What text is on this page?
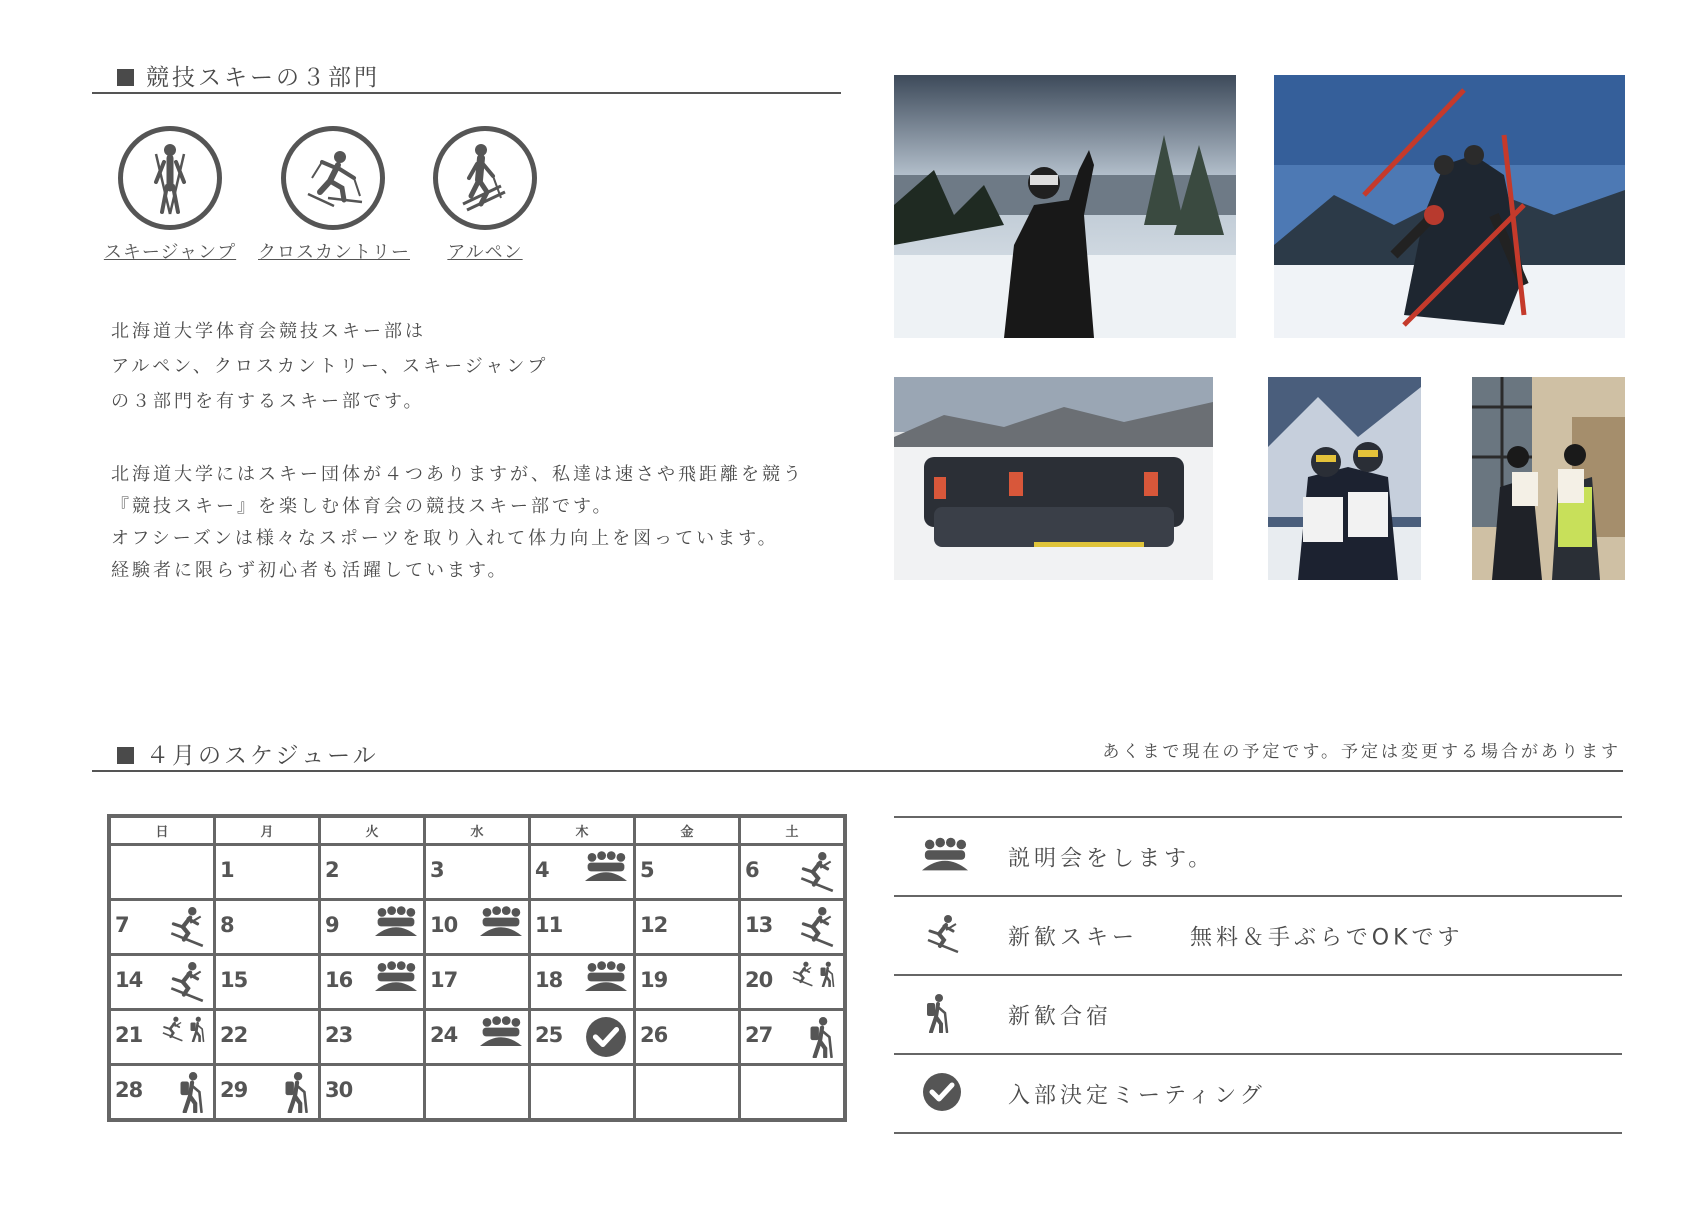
競技スキーの３部門
スキージャンプ クロスカントリー	アルペン
北海道大学体育会競技スキー部は
アルペン、クロスカントリー、スキージャンプ
の３部門を有するスキー部です。
北海道大学にはスキー団体が４つありますが、私達は速さや飛距離を競う
『競技スキー』を楽しむ体育会の競技スキー部です。
オフシーズンは様々なスポーツを取り入れて体力向上を図っています。
経験者に限らず初心者も活躍しています。
４月のスケジュール	あくまで現在の予定です。予定は変更する場合があります
日	月	火	水	木	金	土

	1	2	3	4	5	6

7	8	9	10	11	12	13

14	15	16	17	18	19	20

21	22	23	24	25	26	27

28	29	30				

説明会をします。
新歓スキー　　無料＆手ぶらでOKです
新歓合宿
入部決定ミーティング
